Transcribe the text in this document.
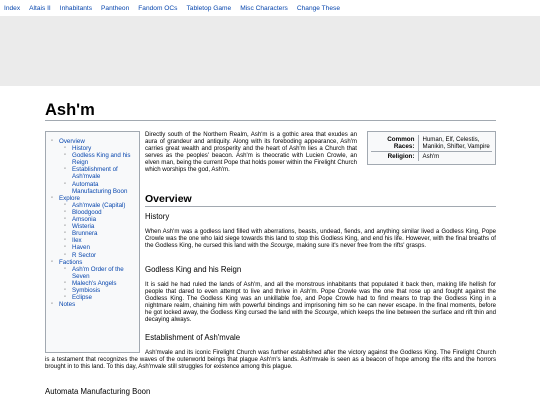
Index Altais II Inhabitants Pantheon Fandom OCs Tabletop Game Misc Characters Change These
Ash'm
◦ Overview
◦ History
◦ Godless King and his Reign
◦ Establishment of Ash'mvale
◦ Automata Manufacturing Boon
◦ Explore
◦ Ash'mvale (Capital)
◦ Bloodgood
◦ Amsonia
◦ Wisteria
◦ Brunnera
◦ Ilex
◦ Haven
◦ R Sector
◦ Factions
◦ Ash'm Order of the Seven
◦ Malech's Angels
◦ Symbiosis
◦ Eclipse
◦ Notes
Directly south of the Northern Realm, Ash'm is a gothic area that exudes an aura of grandeur and antiquity. Along with its foreboding appearance, Ash'm carries great wealth and prosperity and the heart of Ash'm lies a Church that serves as the peoples' beacon. Ash'm is theocratic with Lucien Crowle, an elven man, being the current Pope that holds power within the Firelight Church which worships the god, Ash'm.
Common Races:	Human, Elf, Celestis, Manikin, Shifter, Vampire
Religion:	Ash'm
Overview
History
When Ash'm was a godless land filled with aberrations, beasts, undead, fiends, and anything similar lived a Godless King, Pope Crowle was the one who laid siege towards this land to stop this Godless King, and end his life. However, with the final breaths of the Godless King, he cursed this land with the Scourge, making sure it's never free from the rifts' grasps.
Godless King and his Reign
It is said he had ruled the lands of Ash'm, and all the monstrous inhabitants that populated it back then, making life hellish for people that dared to even attempt to live and thrive in Ash'm. Pope Crowle was the one that rose up and fought against the Godless King. The Godless King was an unkillable foe, and Pope Crowle had to find means to trap the Godless King in a nightmare realm, chaining him with powerful bindings and imprisoning him so he can never escape. In the final moments, before he got locked away, the Godless King cursed the land with the Scourge, which keeps the line between the surface and rift thin and decaying always.
Establishment of Ash'mvale
Ash'mvale and its iconic Firelight Church was further established after the victory against the Godless King. The Firelight Church is a testament that recognizes the waves of the outerworld beings that plague Ash'm's lands. Ash'mvale is seen as a beacon of hope among the rifts and the horrors brought in to this land. To this day, Ash'mvale still struggles for existence among this plague.
Automata Manufacturing Boon
